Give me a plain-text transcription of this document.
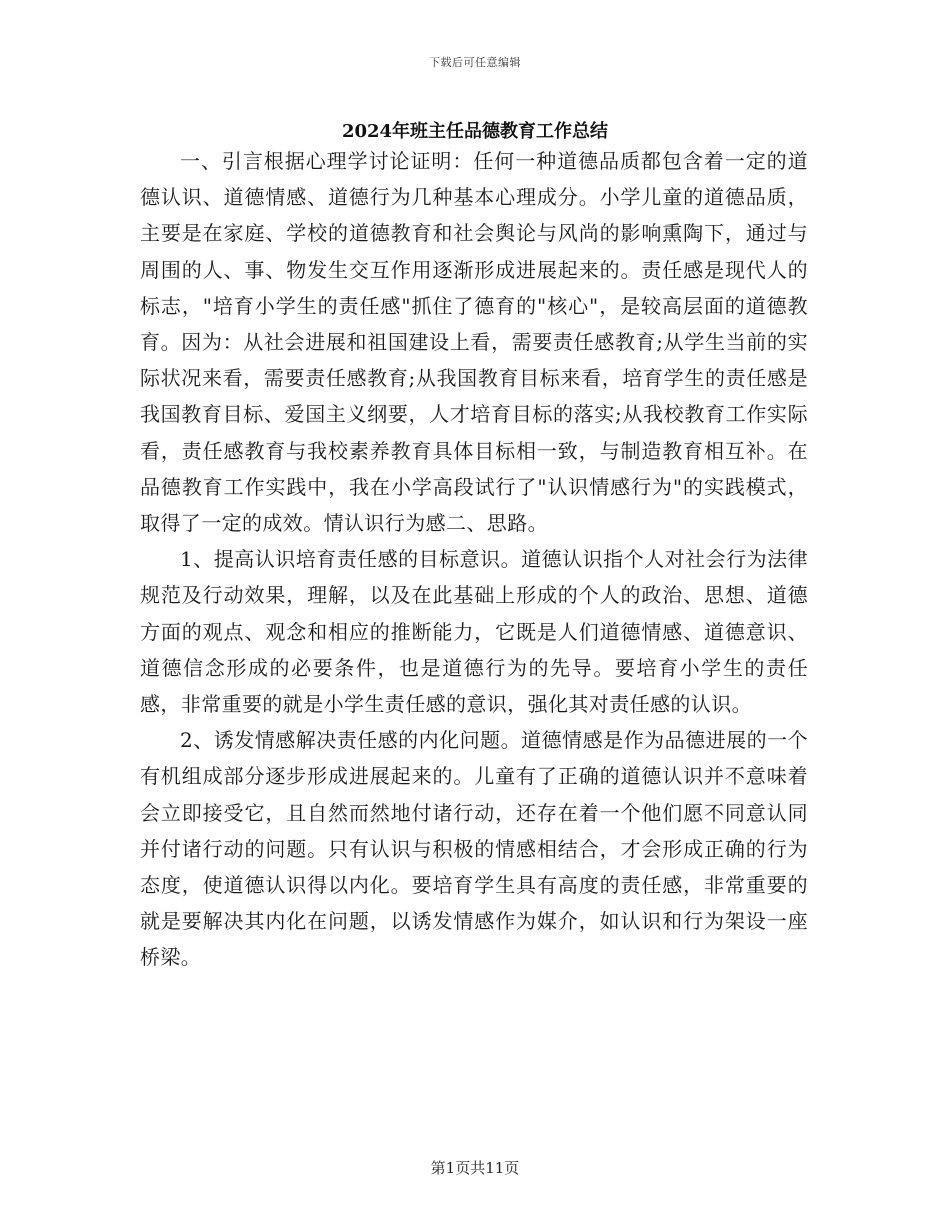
下载后可任意编辑
2024年班主任品德教育工作总结

一、引言根据心理学讨论证明：任何一种道德品质都包含着一定的道德认识、道德情感、道德行为几种基本心理成分。小学儿童的道德品质，主要是在家庭、学校的道德教育和社会舆论与风尚的影响熏陶下，通过与周围的人、事、物发生交互作用逐渐形成进展起来的。责任感是现代人的标志，"培育小学生的责任感"抓住了德育的"核心"，是较高层面的道德教育。因为：从社会进展和祖国建设上看，需要责任感教育;从学生当前的实际状况来看，需要责任感教育;从我国教育目标来看，培育学生的责任感是我国教育目标、爱国主义纲要，人才培育目标的落实;从我校教育工作实际看，责任感教育与我校素养教育具体目标相一致，与制造教育相互补。在品德教育工作实践中，我在小学高段试行了"认识情感行为"的实践模式，取得了一定的成效。情认识行为感二、思路。

1、提高认识培育责任感的目标意识。道德认识指个人对社会行为法律规范及行动效果，理解，以及在此基础上形成的个人的政治、思想、道德方面的观点、观念和相应的推断能力，它既是人们道德情感、道德意识、道德信念形成的必要条件，也是道德行为的先导。要培育小学生的责任感，非常重要的就是小学生责任感的意识，强化其对责任感的认识。

2、诱发情感解决责任感的内化问题。道德情感是作为品德进展的一个有机组成部分逐步形成进展起来的。儿童有了正确的道德认识并不意味着会立即接受它，且自然而然地付诸行动，还存在着一个他们愿不同意认同并付诸行动的问题。只有认识与积极的情感相结合，才会形成正确的行为态度，使道德认识得以内化。要培育学生具有高度的责任感，非常重要的就是要解决其内化在问题，以诱发情感作为媒介，如认识和行为架设一座桥梁。

第1页共11页
